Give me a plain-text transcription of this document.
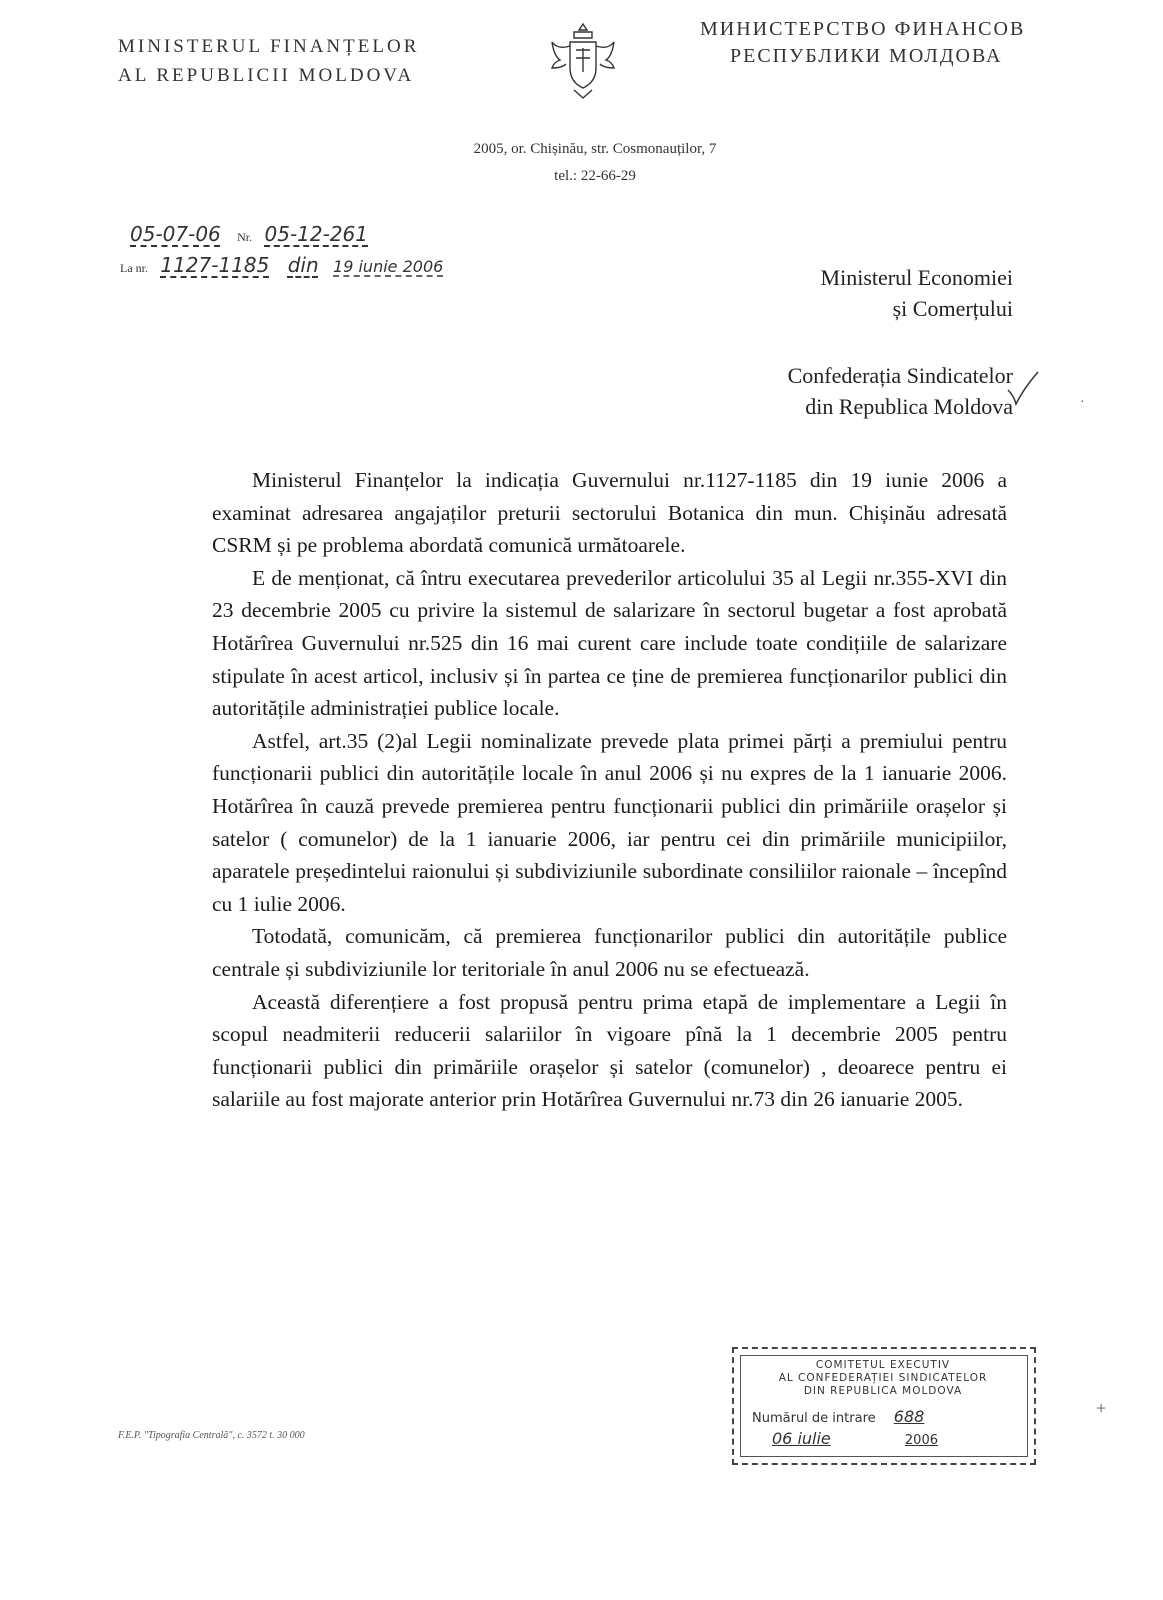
MINISTERUL FINANȚELOR
AL REPUBLICII MOLDOVA
МИНИСТЕРСТВО ФИНАНСОВ
РЕСПУБЛИКИ МОЛДОВА
2005, or. Chișinău, str. Cosmonauților, 7
tel.: 22-66-29
05-07-06 Nr. 05-12-261
La nr. 1127-1185 din 19 iunie 2006	Ministerul Economiei
și Comerțului
Confederația Sindicatelor
din Republica Moldova

Ministerul Finanțelor la indicația Guvernului nr.1127-1185 din 19 iunie 2006 a examinat adresarea angajaților preturii sectorului Botanica din mun. Chișinău adresată CSRM și pe problema abordată comunică următoarele.

E de menționat, că întru executarea prevederilor articolului 35 al Legii nr.355-XVI din 23 decembrie 2005 cu privire la sistemul de salarizare în sectorul bugetar a fost aprobată Hotărîrea Guvernului nr.525 din 16 mai curent care include toate condițiile de salarizare stipulate în acest articol, inclusiv și în partea ce ține de premierea funcționarilor publici din autoritățile administrației publice locale.

Astfel, art.35 (2)al Legii nominalizate prevede plata primei părți a premiului pentru funcționarii publici din autoritățile locale în anul 2006 și nu expres de la 1 ianuarie 2006. Hotărîrea în cauză prevede premierea pentru funcționarii publici din primăriile orașelor și satelor ( comunelor) de la 1 ianuarie 2006, iar pentru cei din primăriile municipiilor, aparatele președintelui raionului și subdiviziunile subordinate consiliilor raionale – începînd cu 1 iulie 2006.

Totodată, comunicăm, că premierea funcționarilor publici din autoritățile publice centrale și subdiviziunile lor teritoriale în anul 2006 nu se efectuează.

Această diferențiere a fost propusă pentru prima etapă de implementare a Legii în scopul neadmiterii reducerii salariilor în vigoare pînă la 1 decembrie 2005 pentru funcționarii publici din primăriile orașelor și satelor (comunelor) , deoarece pentru ei salariile au fost majorate anterior prin Hotărîrea Guvernului nr.73 din 26 ianuarie 2005.

COMITETUL EXECUTIV
AL CONFEDERAȚIEI SINDICATELOR
DIN REPUBLICA MOLDOVA
Numărul de intrare 688
06 iulie	2006
F.E.P. "Tipografia Centrală", c. 3572 t. 30 000
·
+
